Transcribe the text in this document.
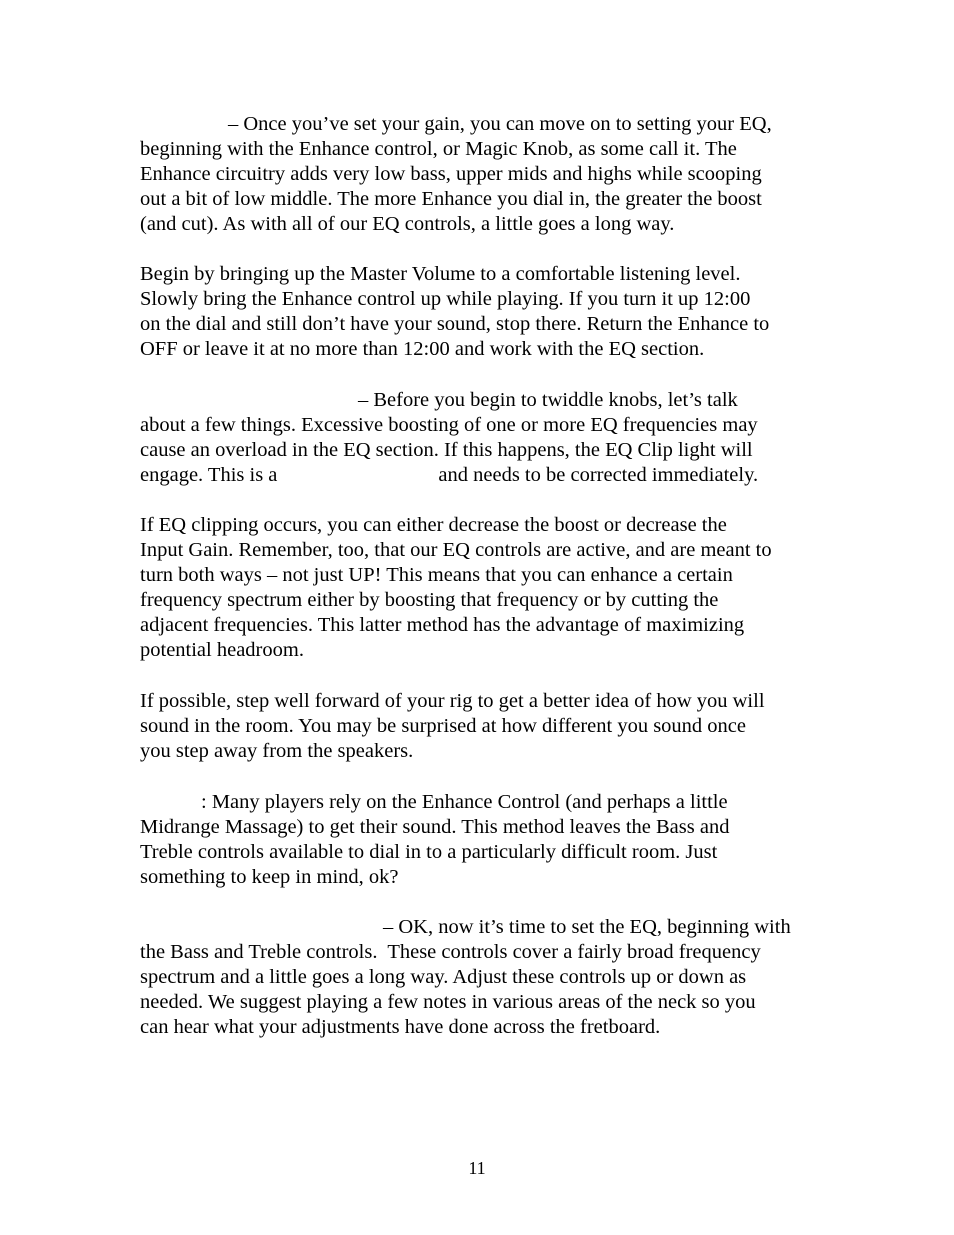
– Once you’ve set your gain, you can move on to setting your EQ,
beginning with the Enhance control, or Magic Knob, as some call it. The
Enhance circuitry adds very low bass, upper mids and highs while scooping
out a bit of low middle. The more Enhance you dial in, the greater the boost
(and cut). As with all of our EQ controls, a little goes a long way.
Begin by bringing up the Master Volume to a comfortable listening level.
Slowly bring the Enhance control up while playing. If you turn it up 12:00
on the dial and still don’t have your sound, stop there. Return the Enhance to
OFF or leave it at no more than 12:00 and work with the EQ section.
– Before you begin to twiddle knobs, let’s talk
about a few things. Excessive boosting of one or more EQ frequencies may
cause an overload in the EQ section. If this happens, the EQ Clip light will
engage. This is a	and needs to be corrected immediately.
If EQ clipping occurs, you can either decrease the boost or decrease the
Input Gain. Remember, too, that our EQ controls are active, and are meant to
turn both ways – not just UP! This means that you can enhance a certain
frequency spectrum either by boosting that frequency or by cutting the
adjacent frequencies. This latter method has the advantage of maximizing
potential headroom.
If possible, step well forward of your rig to get a better idea of how you will
sound in the room. You may be surprised at how different you sound once
you step away from the speakers.
: Many players rely on the Enhance Control (and perhaps a little
Midrange Massage) to get their sound. This method leaves the Bass and
Treble controls available to dial in to a particularly difficult room. Just
something to keep in mind, ok?
– OK, now it’s time to set the EQ, beginning with
the Bass and Treble controls.  These controls cover a fairly broad frequency
spectrum and a little goes a long way. Adjust these controls up or down as
needed. We suggest playing a few notes in various areas of the neck so you
can hear what your adjustments have done across the fretboard.
11
